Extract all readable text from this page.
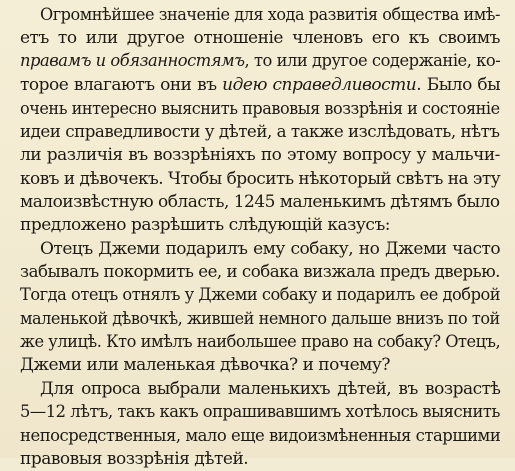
Огромнѣйшее значеніе для хода развитія общества имѣ-
етъ то или другое отношеніе членовъ его къ своимъ
правамъ и обязанностямъ, то или другое содержаніе, ко-
торое влагаютъ они въ идею справедливости. Было бы
очень интересно выяснить правовыя воззрѣнія и состояніе
идеи справедливости у дѣтей, а также изслѣдовать, нѣтъ
ли различія въ воззрѣніяхъ по этому вопросу у мальчи-
ковъ и дѣвочекъ. Чтобы бросить нѣкоторый свѣтъ на эту
малоизвѣстную область, 1245 маленькимъ дѣтямъ было
предложено разрѣшить слѣдующій казусъ:
Отецъ Джеми подарилъ ему собаку, но Джеми часто
забывалъ покормить ее, и собака визжала предъ дверью.
Тогда отецъ отнялъ у Джеми собаку и подарилъ ее доброй
маленькой дѣвочкѣ, жившей немного дальше внизъ по той
же улицѣ. Кто имѣлъ наибольшее право на собаку? Отецъ,
Джеми или маленькая дѣвочка? и почему?
Для опроса выбрали маленькихъ дѣтей, въ возрастѣ
5—12 лѣтъ, такъ какъ опрашивавшимъ хотѣлось выяснить
непосредственныя, мало еще видоизмѣненныя старшими
правовыя воззрѣнія дѣтей.
